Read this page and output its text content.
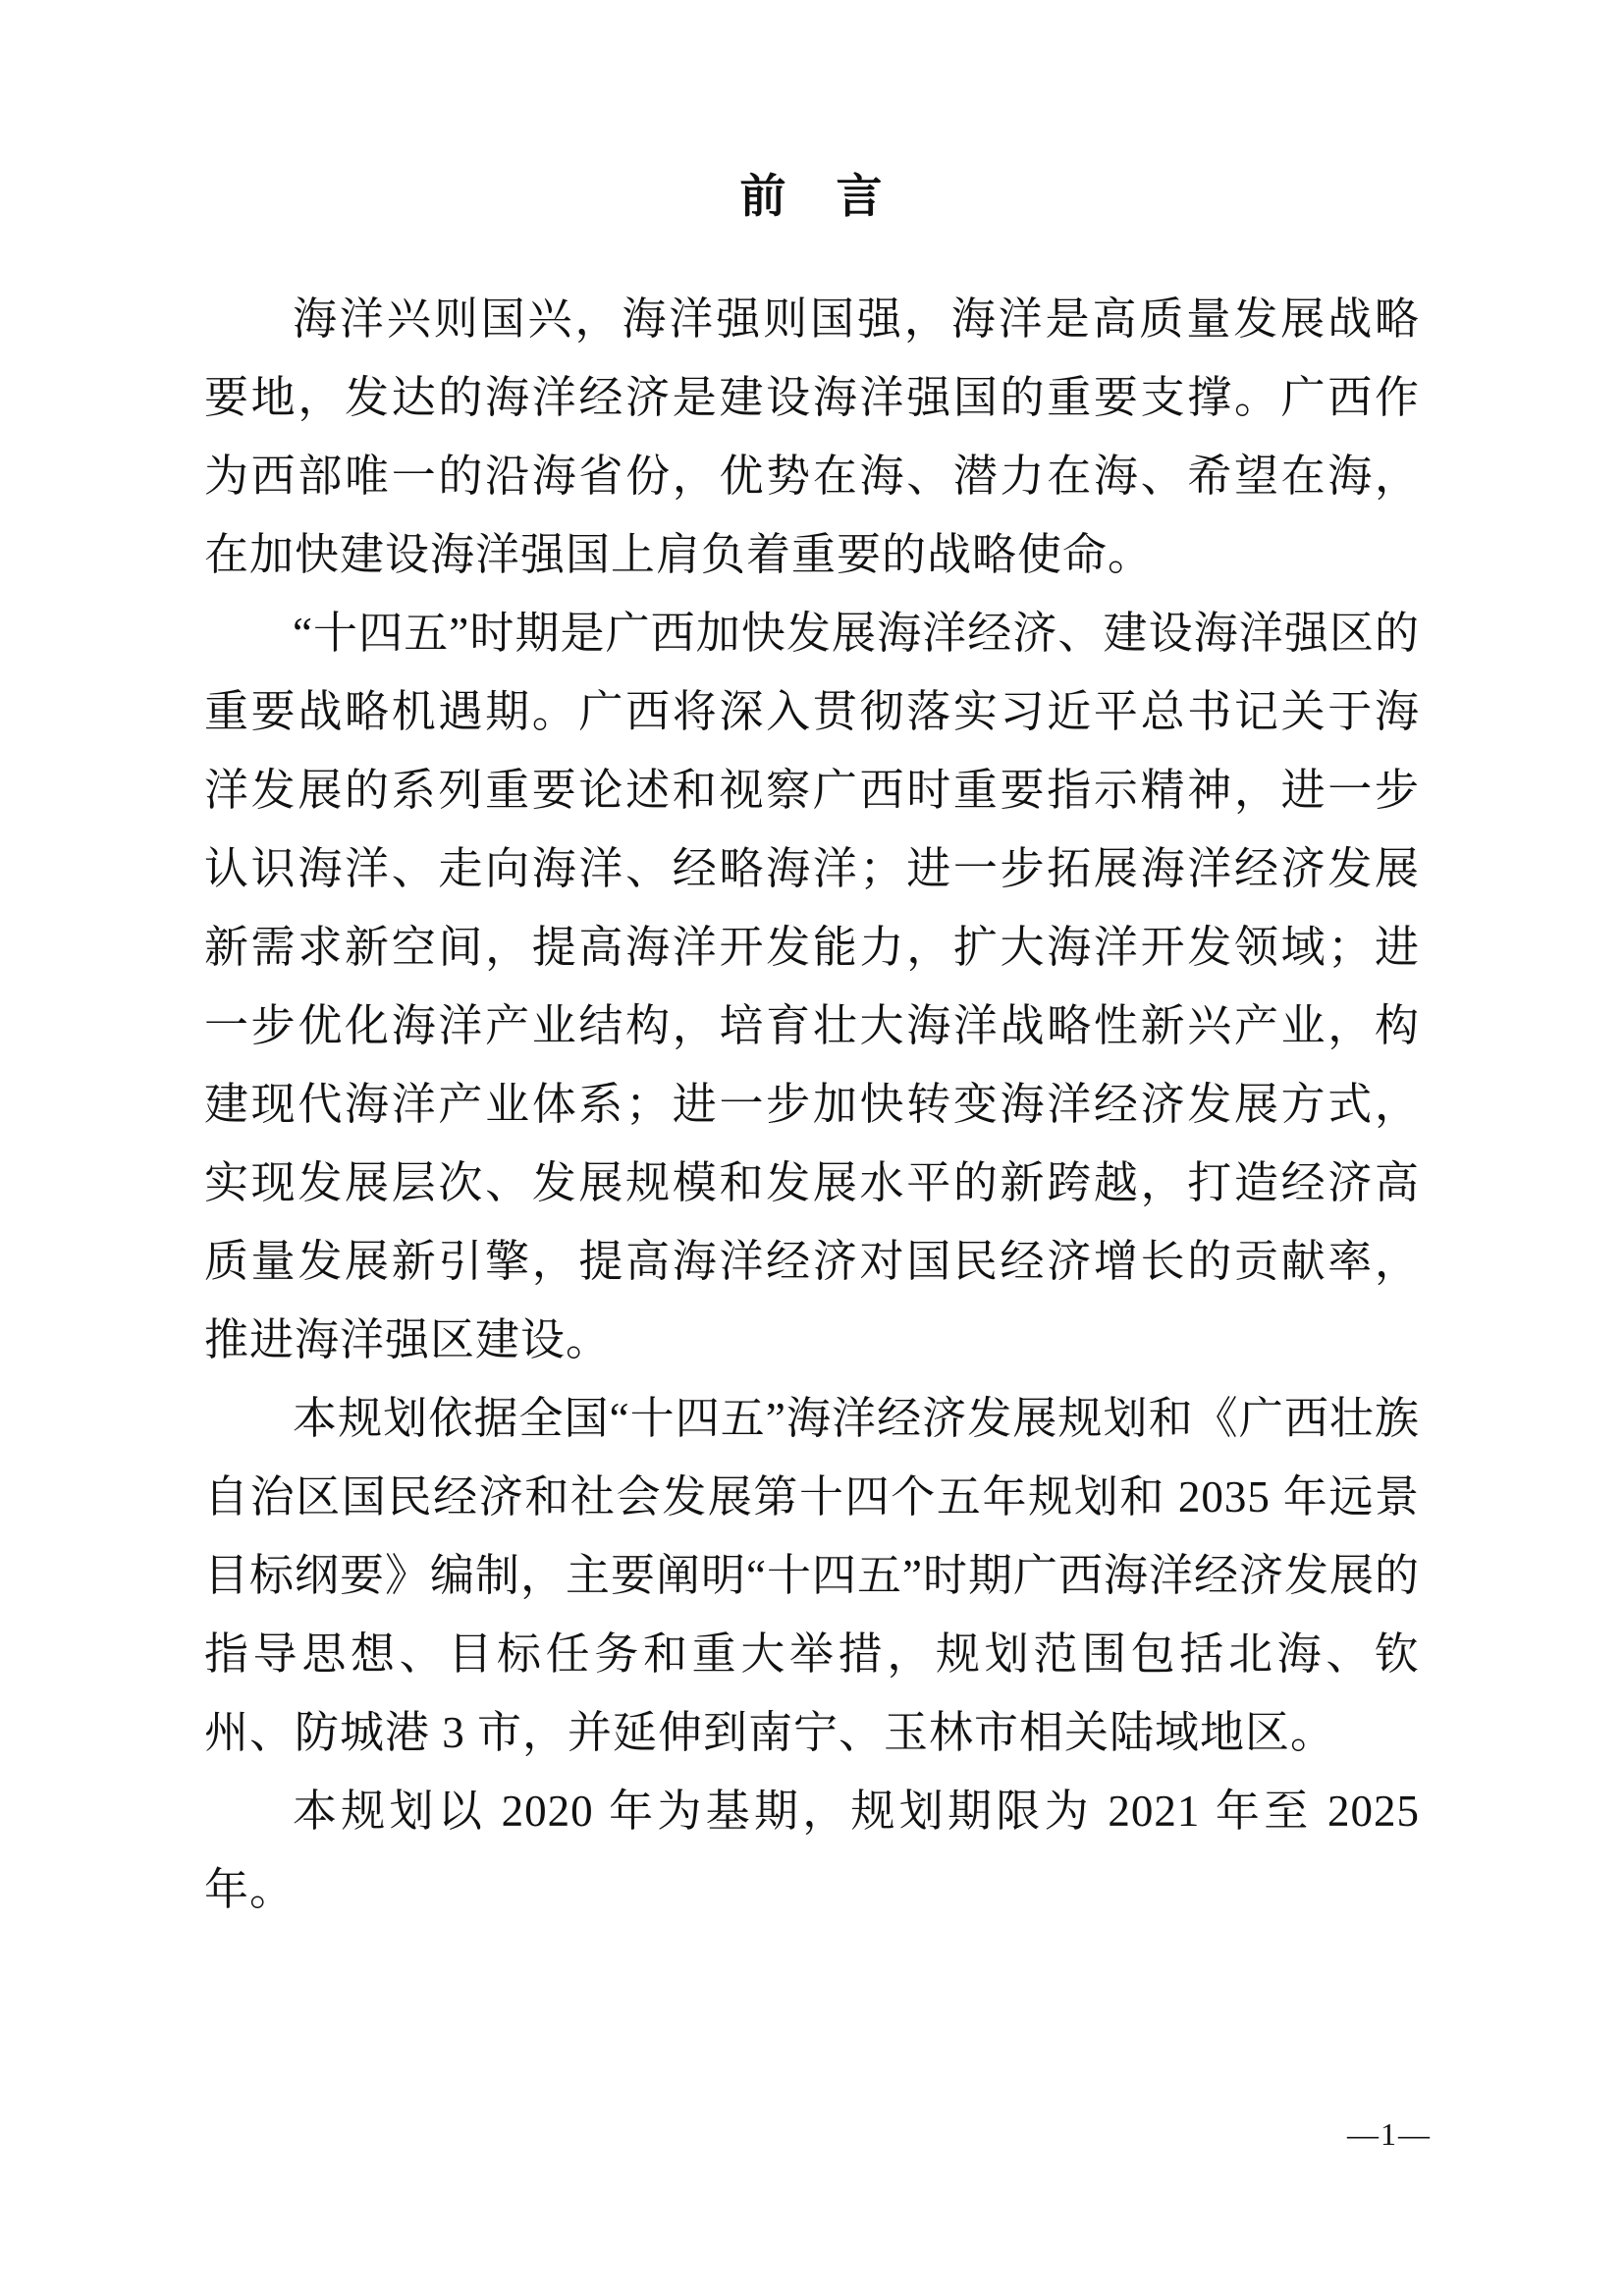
前　言

海洋兴则国兴，海洋强则国强，海洋是高质量发展战略要地，发达的海洋经济是建设海洋强国的重要支撑。广西作为西部唯一的沿海省份，优势在海、潜力在海、希望在海，在加快建设海洋强国上肩负着重要的战略使命。

“十四五”时期是广西加快发展海洋经济、建设海洋强区的重要战略机遇期。广西将深入贯彻落实习近平总书记关于海洋发展的系列重要论述和视察广西时重要指示精神，进一步认识海洋、走向海洋、经略海洋；进一步拓展海洋经济发展新需求新空间，提高海洋开发能力，扩大海洋开发领域；进一步优化海洋产业结构，培育壮大海洋战略性新兴产业，构建现代海洋产业体系；进一步加快转变海洋经济发展方式，实现发展层次、发展规模和发展水平的新跨越，打造经济高质量发展新引擎，提高海洋经济对国民经济增长的贡献率，推进海洋强区建设。

本规划依据全国“十四五”海洋经济发展规划和《广西壮族自治区国民经济和社会发展第十四个五年规划和 2035 年远景目标纲要》编制，主要阐明“十四五”时期广西海洋经济发展的指导思想、目标任务和重大举措，规划范围包括北海、钦州、防城港 3 市，并延伸到南宁、玉林市相关陆域地区。

本规划以 2020 年为基期，规划期限为 2021 年至 2025 年。

—1—
